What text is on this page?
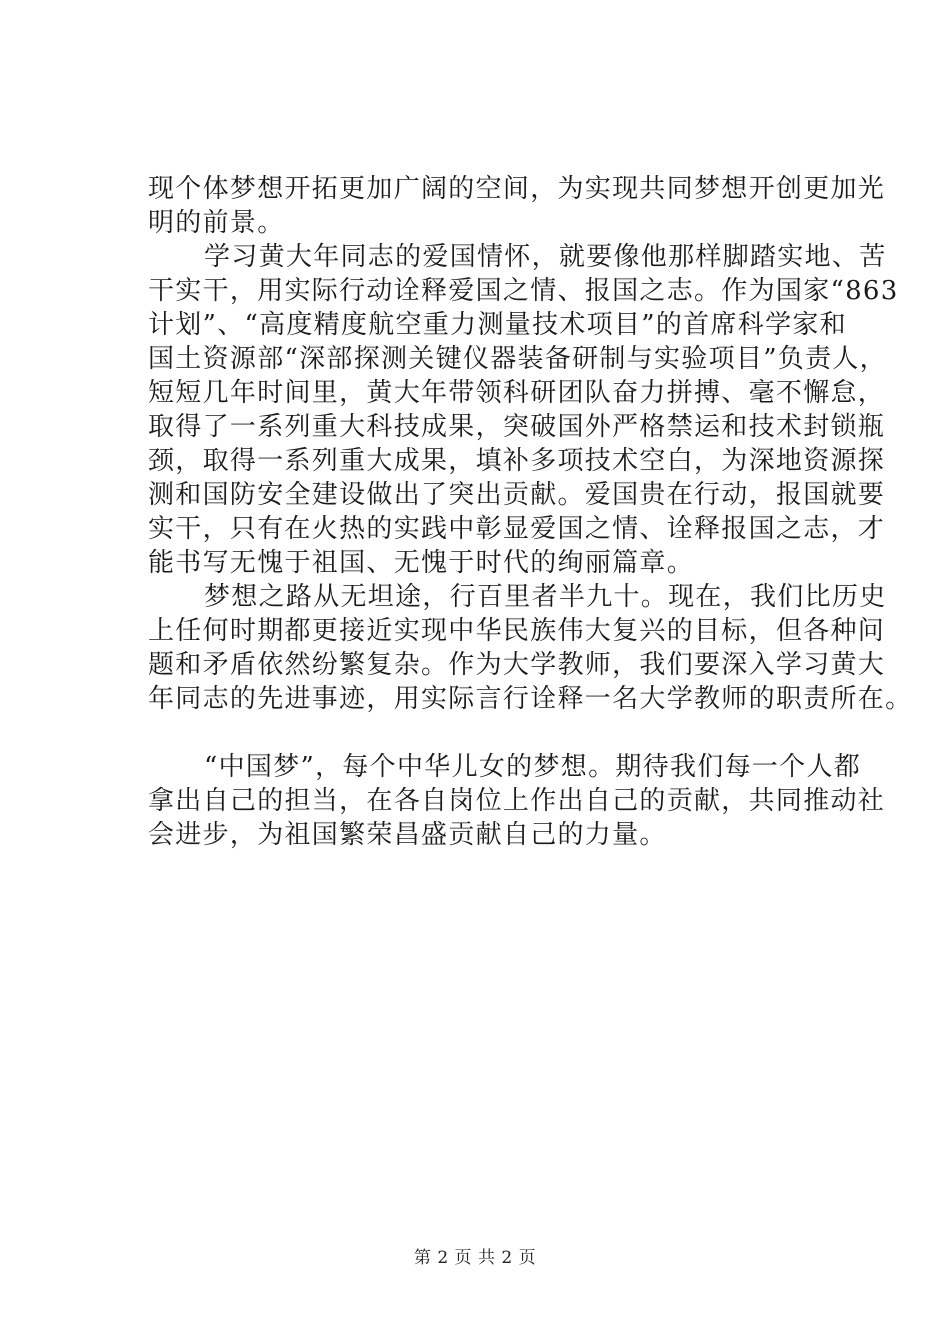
现个体梦想开拓更加广阔的空间，为实现共同梦想开创更加光
明的前景。
学习黄大年同志的爱国情怀，就要像他那样脚踏实地、苦
干实干，用实际行动诠释爱国之情、报国之志。作为国家“863
计划”、“高度精度航空重力测量技术项目”的首席科学家和
国土资源部“深部探测关键仪器装备研制与实验项目”负责人，
短短几年时间里，黄大年带领科研团队奋力拼搏、毫不懈怠，
取得了一系列重大科技成果，突破国外严格禁运和技术封锁瓶
颈，取得一系列重大成果，填补多项技术空白，为深地资源探
测和国防安全建设做出了突出贡献。爱国贵在行动，报国就要
实干，只有在火热的实践中彰显爱国之情、诠释报国之志，才
能书写无愧于祖国、无愧于时代的绚丽篇章。
梦想之路从无坦途，行百里者半九十。现在，我们比历史
上任何时期都更接近实现中华民族伟大复兴的目标，但各种问
题和矛盾依然纷繁复杂。作为大学教师，我们要深入学习黄大
年同志的先进事迹，用实际言行诠释一名大学教师的职责所在。
“中国梦”，每个中华儿女的梦想。期待我们每一个人都
拿出自己的担当，在各自岗位上作出自己的贡献，共同推动社
会进步，为祖国繁荣昌盛贡献自己的力量。
第 2 页 共 2 页
